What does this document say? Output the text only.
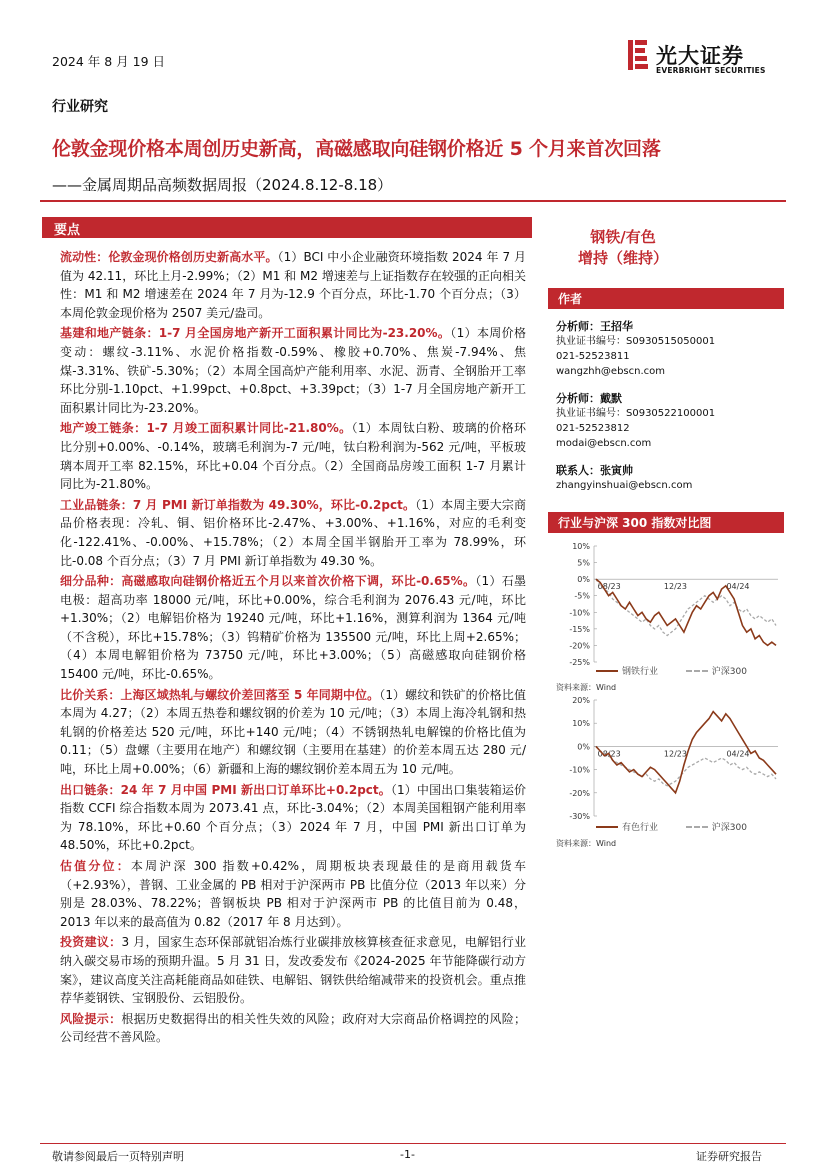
2024 年 8 月 19 日	光大证券
EVERBRIGHT SECURITIES
行业研究
伦敦金现价格本周创历史新高，高磁感取向硅钢价格近 5 个月来首次回落
——金属周期品高频数据周报（2024.8.12-8.18）
要点

流动性：伦敦金现价格创历史新高水平。（1）BCI 中小企业融资环境指数 2024 年 7 月值为 42.11，环比上月-2.99%；（2）M1 和 M2 增速差与上证指数存在较强的正向相关性：M1 和 M2 增速差在 2024 年 7 月为-12.9 个百分点，环比-1.70 个百分点；（3）本周伦敦金现价格为 2507 美元/盎司。

基建和地产链条：1-7 月全国房地产新开工面积累计同比为-23.20%。（1）本周价格变动：螺纹-3.11%、水泥价格指数-0.59%、橡胶+0.70%、焦炭-7.94%、焦煤-3.31%、铁矿-5.30%；（2）本周全国高炉产能利用率、水泥、沥青、全钢胎开工率环比分别-1.10pct、+1.99pct、+0.8pct、+3.39pct；（3）1-7 月全国房地产新开工面积累计同比为-23.20%。

地产竣工链条：1-7 月竣工面积累计同比-21.80%。（1）本周钛白粉、玻璃的价格环比分别+0.00%、-0.14%，玻璃毛利润为-7 元/吨，钛白粉利润为-562 元/吨，平板玻璃本周开工率 82.15%，环比+0.04 个百分点。（2）全国商品房竣工面积 1-7 月累计同比为-21.80%。

工业品链条：7 月 PMI 新订单指数为 49.30%，环比-0.2pct。（1）本周主要大宗商品价格表现：冷轧、铜、铝价格环比-2.47%、+3.00%、+1.16%，对应的毛利变化-122.41%、-0.00%、+15.78%；（2）本周全国半钢胎开工率为 78.99%，环比-0.08 个百分点；（3）7 月 PMI 新订单指数为 49.30 %。

细分品种：高磁感取向硅钢价格近五个月以来首次价格下调，环比-0.65%。（1）石墨电极：超高功率 18000 元/吨，环比+0.00%，综合毛利润为 2076.43 元/吨，环比+1.30%；（2）电解铝价格为 19240 元/吨，环比+1.16%，测算利润为 1364 元/吨（不含税），环比+15.78%；（3）钨精矿价格为 135500 元/吨，环比上周+2.65%；（4）本周电解钼价格为 73750 元/吨，环比+3.00%；（5）高磁感取向硅钢价格 15400 元/吨，环比-0.65%。

比价关系：上海区域热轧与螺纹价差回落至 5 年同期中位。（1）螺纹和铁矿的价格比值本周为 4.27；（2）本周五热卷和螺纹钢的价差为 10 元/吨；（3）本周上海冷轧钢和热轧钢的价格差达 520 元/吨，环比+140 元/吨；（4）不锈钢热轧电解镍的价格比值为 0.11；（5）盘螺（主要用在地产）和螺纹钢（主要用在基建）的价差本周五达 280 元/吨，环比上周+0.00%；（6）新疆和上海的螺纹钢价差本周五为 10 元/吨。

出口链条：24 年 7 月中国 PMI 新出口订单环比+0.2pct。（1）中国出口集装箱运价指数 CCFI 综合指数本周为 2073.41 点，环比-3.04%；（2）本周美国粗钢产能利用率为 78.10%，环比+0.60 个百分点；（3）2024 年 7 月，中国 PMI 新出口订单为 48.50%，环比+0.2pct。

估值分位：本周沪深 300 指数+0.42%，周期板块表现最佳的是商用载货车（+2.93%），普钢、工业金属的 PB 相对于沪深两市 PB 比值分位（2013 年以来）分别是 28.03%、78.22%；普钢板块 PB 相对于沪深两市 PB 的比值目前为 0.48，2013 年以来的最高值为 0.82（2017 年 8 月达到）。

投资建议：3 月，国家生态环保部就铝冶炼行业碳排放核算核查征求意见，电解铝行业纳入碳交易市场的预期升温。5 月 31 日，发改委发布《2024-2025 年节能降碳行动方案》，建议高度关注高耗能商品如硅铁、电解铝、钢铁供给缩减带来的投资机会。重点推荐华菱钢铁、宝钢股份、云铝股份。

风险提示：根据历史数据得出的相关性失效的风险；政府对大宗商品价格调控的风险；公司经营不善风险。

钢铁/有色
增持（维持）
作者
分析师：王招华
执业证书编号：S0930515050001
021-52523811
wangzhh@ebscn.com
分析师：戴默
执业证书编号：S0930522100001
021-52523812
modai@ebscn.com
联系人：张寅帅
zhangyinshuai@ebscn.com
行业与沪深 300 指数对比图
10%
5%
0%
-5%
-10%
-15%
-20%
-25%
08/23	12/23	04/24
钢铁行业	沪深300
资料来源：Wind
20%
10%
0%
-10%
-20%
-30%
08/23	12/23	04/24
有色行业	沪深300
资料来源：Wind
敬请参阅最后一页特别声明	-1-	证券研究报告
